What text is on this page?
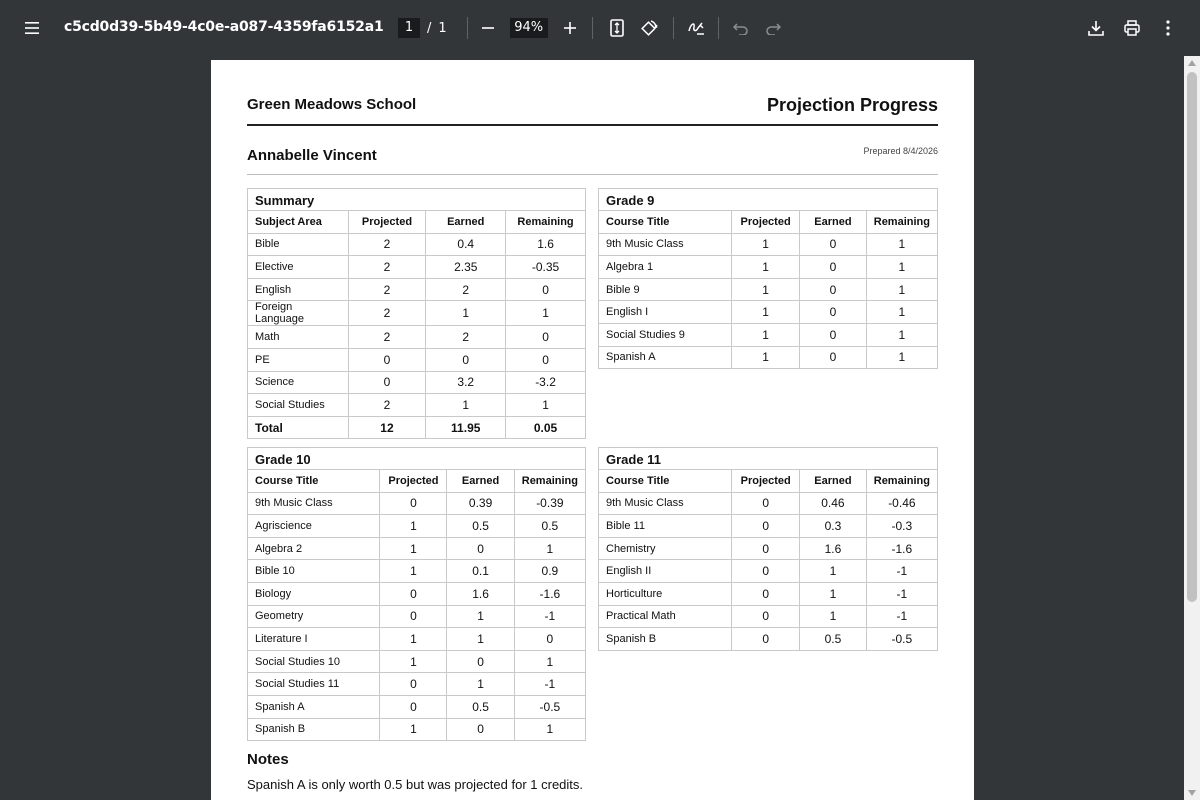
c5cd0d39-5b49-4c0e-a087-4359fa6152a1	1	/ 1	94%
Green Meadows School	Projection Progress
Annabelle Vincent	Prepared 8/4/2026
Summary
Subject Area	Projected	Earned	Remaining
Bible	2	0.4	1.6
Elective	2	2.35	-0.35
English	2	2	0
Foreign Language	2	1	1
Math	2	2	0
PE	0	0	0
Science	0	3.2	-3.2
Social Studies	2	1	1
Total	12	11.95	0.05
Grade 9
Course Title	Projected	Earned	Remaining
9th Music Class	1	0	1
Algebra 1	1	0	1
Bible 9	1	0	1
English I	1	0	1
Social Studies 9	1	0	1
Spanish A	1	0	1
Grade 10
Course Title	Projected	Earned	Remaining
9th Music Class	0	0.39	-0.39
Agriscience	1	0.5	0.5
Algebra 2	1	0	1
Bible 10	1	0.1	0.9
Biology	0	1.6	-1.6
Geometry	0	1	-1
Literature I	1	1	0
Social Studies 10	1	0	1
Social Studies 11	0	1	-1
Spanish A	0	0.5	-0.5
Spanish B	1	0	1
Grade 11
Course Title	Projected	Earned	Remaining
9th Music Class	0	0.46	-0.46
Bible 11	0	0.3	-0.3
Chemistry	0	1.6	-1.6
English II	0	1	-1
Horticulture	0	1	-1
Practical Math	0	1	-1
Spanish B	0	0.5	-0.5
Notes
Spanish A is only worth 0.5 but was projected for 1 credits.
